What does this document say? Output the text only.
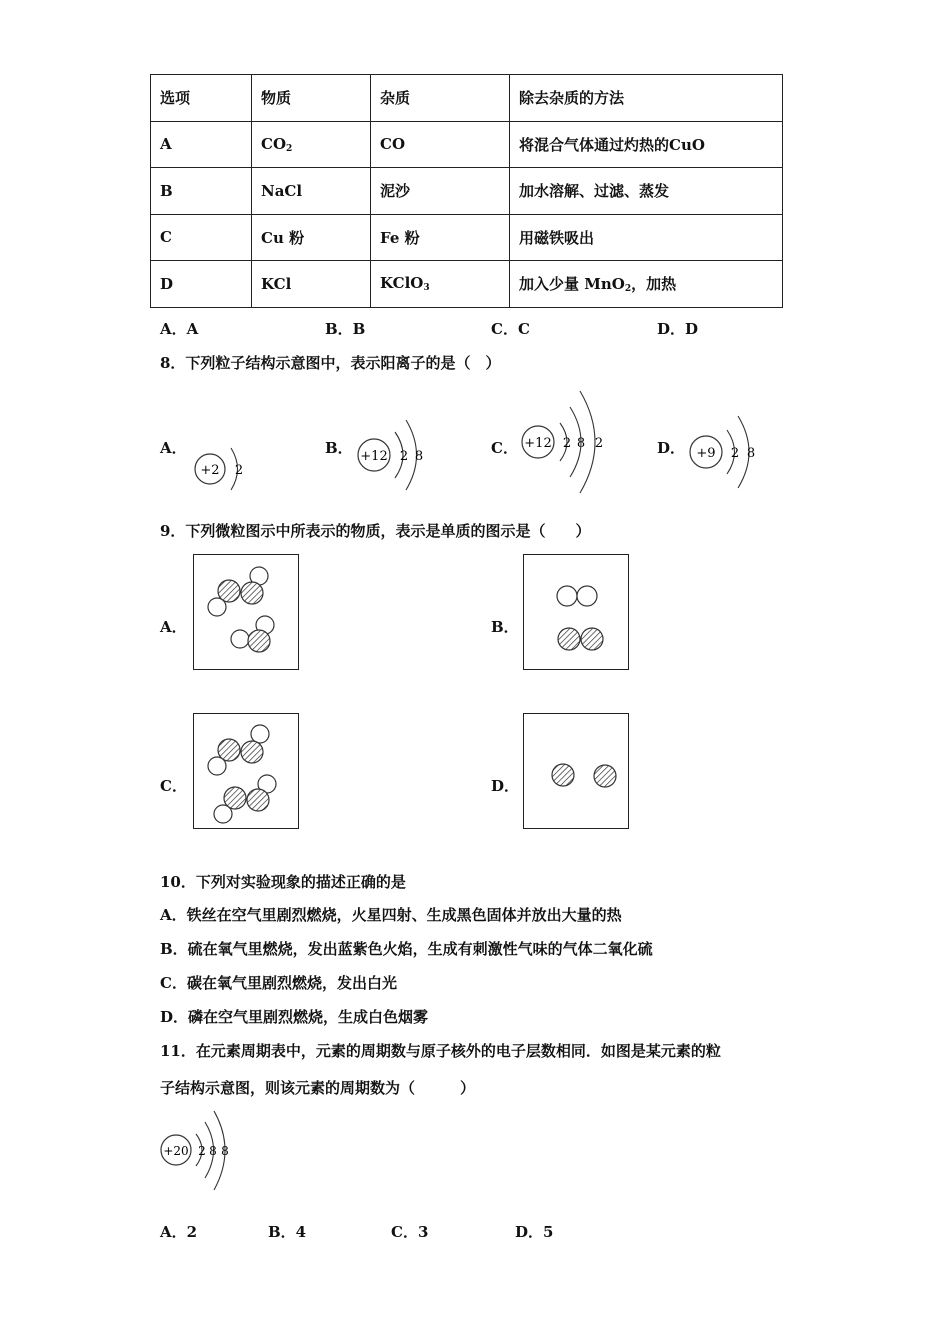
选项	物质	杂质	除去杂质的方法
A	$CO_2$	CO	将混合气体通过灼热的CuO
B	NaCl	泥沙	加水溶解、过滤、蒸发
C	Cu 粉	Fe 粉	用磁铁吸出
D	KCl	KClO$_3$	加入少量 MnO$_2$，加热
A．A	B．B	C．C	D．D
8．下列粒子结构示意图中，表示阳离子的是（　）
A．
+2 2
B． +12 2 8	C． +12 2 8 2	D． +9 2 8
9．下列微粒图示中所表示的物质，表示是单质的图示是（　　）
A．	B．
C．	D．
10．下列对实验现象的描述正确的是
A．铁丝在空气里剧烈燃烧，火星四射、生成黑色固体并放出大量的热
B．硫在氧气里燃烧，发出蓝紫色火焰，生成有刺激性气味的气体二氧化硫
C．碳在氧气里剧烈燃烧，发出白光
D．磷在空气里剧烈燃烧，生成白色烟雾
11．在元素周期表中，元素的周期数与原子核外的电子层数相同．如图是某元素的粒
子结构示意图，则该元素的周期数为（　　　）
+20 2 8 8
A．2	B．4	C．3	D．5
